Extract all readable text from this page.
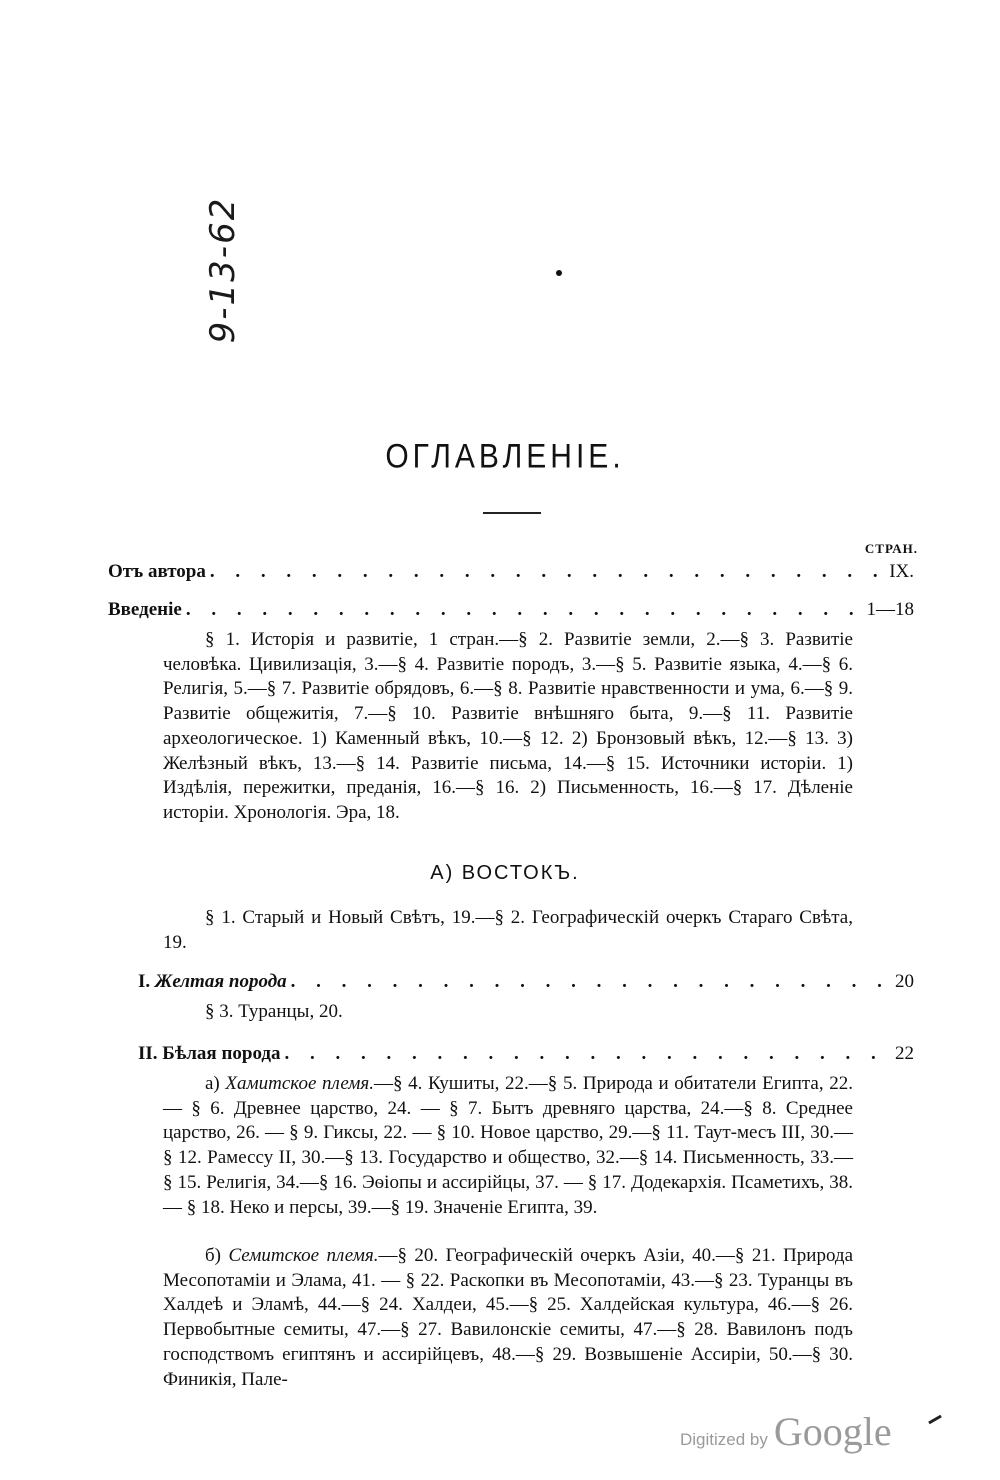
9-13-62
ОГЛАВЛЕНІЕ.
СТРАН.
Отъ автора . . .	IX.
Введеніе . . .	1—18

§ 1. Исторія и развитіе, 1 стран.—§ 2. Развитіе земли, 2.—§ 3. Развитіе человѣка. Цивилизація, 3.—§ 4. Развитіе породъ, 3.—§ 5. Развитіе языка, 4.—§ 6. Религія, 5.—§ 7. Развитіе обрядовъ, 6.—§ 8. Развитіе нравственности и ума, 6.—§ 9. Развитіе общежитія, 7.—§ 10. Развитіе внѣшняго быта, 9.—§ 11. Развитіе археологическое. 1) Каменный вѣкъ, 10.—§ 12. 2) Бронзовый вѣкъ, 12.—§ 13. 3) Желѣзный вѣкъ, 13.—§ 14. Развитіе письма, 14.—§ 15. Источники исторіи. 1) Издѣлія, пережитки, преданія, 16.—§ 16. 2) Письменность, 16.—§ 17. Дѣленіе исторіи. Хронологія. Эра, 18.

А) ВОСТОКЪ.

§ 1. Старый и Новый Свѣтъ, 19.—§ 2. Географическій очеркъ Стараго Свѣта, 19.

I. Желтая порода . . .	20

§ 3. Туранцы, 20.

II. Бѣлая порода . . .	22

а) Хамитское племя.—§ 4. Кушиты, 22.—§ 5. Природа и обитатели Египта, 22. — § 6. Древнее царство, 24. — § 7. Бытъ древняго царства, 24.—§ 8. Среднее царство, 26. — § 9. Гиксы, 22. — § 10. Новое царство, 29.—§ 11. Таут-месъ III, 30.—§ 12. Рамессу II, 30.—§ 13. Государство и общество, 32.—§ 14. Письменность, 33.—§ 15. Религія, 34.—§ 16. Эѳіопы и ассирійцы, 37. — § 17. Додекархія. Псаметихъ, 38. — § 18. Неко и персы, 39.—§ 19. Значеніе Египта, 39.

б) Семитское племя.—§ 20. Географическій очеркъ Азіи, 40.—§ 21. Природа Месопотаміи и Элама, 41. — § 22. Раскопки въ Месопотаміи, 43.—§ 23. Туранцы въ Халдеѣ и Эламѣ, 44.—§ 24. Халдеи, 45.—§ 25. Халдейская культура, 46.—§ 26. Первобытные семиты, 47.—§ 27. Вавилонскіе семиты, 47.—§ 28. Вавилонъ подъ господствомъ египтянъ и ассирійцевъ, 48.—§ 29. Возвышеніе Ассиріи, 50.—§ 30. Финикія, Пале-

Digitized by Google
